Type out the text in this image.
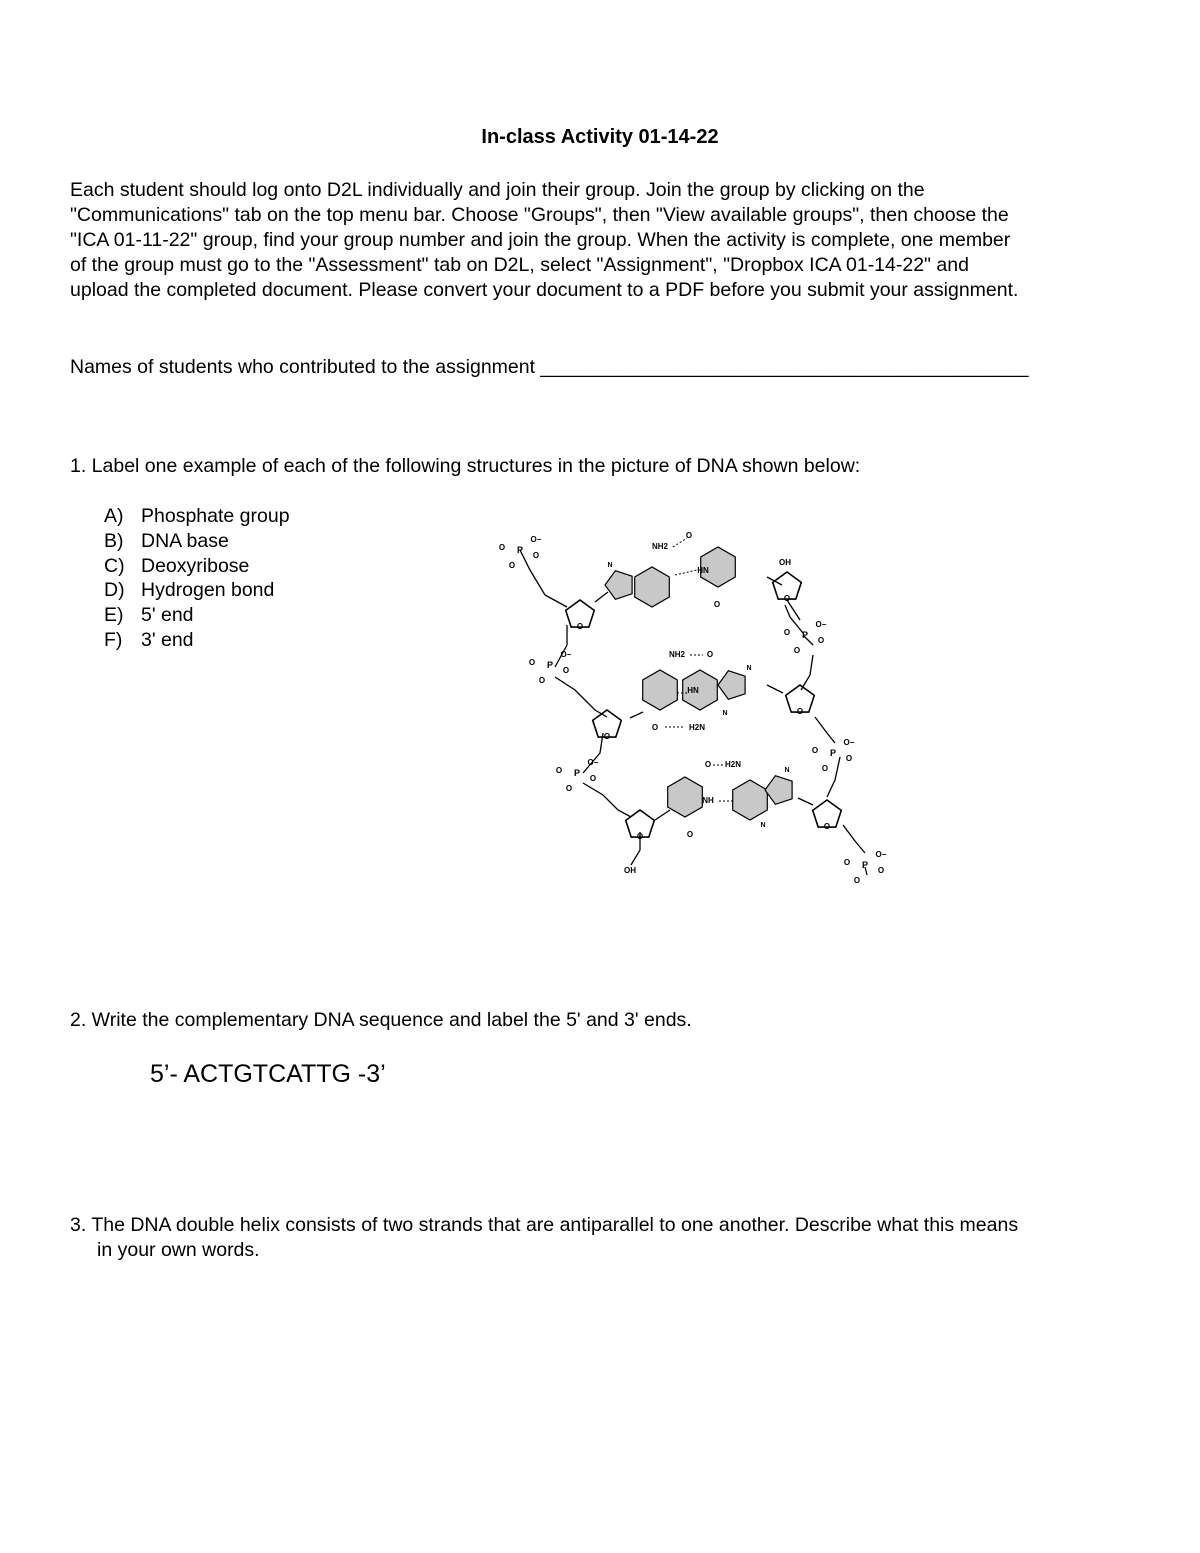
In-class Activity 01-14-22

Each student should log onto D2L individually and join their group. Join the group by clicking on the

"Communications" tab on the top menu bar. Choose "Groups", then "View available groups", then choose the

"ICA 01-11-22" group, find your group number and join the group. When the activity is complete, one member

of the group must go to the "Assessment" tab on D2L, select "Assignment", "Dropbox ICA 01-14-22" and

upload the completed document. Please convert your document to a PDF before you submit your assignment.

Names of students who contributed to the assignment _____________________________________________
1. Label one example of each of the following structures in the picture of DNA shown below:
A) Phosphate group
B) DNA base
C) Deoxyribose
D) Hydrogen bond
E) 5' end
F) 3' end
P
O−
O
O
O
P
O−
O
O
O
P
O−
O
O
O
P
O−
O
O
O
P
O−
O
O
O
P
O−
O
O
O
O
O
O
O
O
O
NH2
HN
O
O
OH
N
NH2
HN
H2N
O
O
N
N
O H2N
NH
O
OH
N
N
2. Write the complementary DNA sequence and label the 5' and 3' ends.
5’- ACTGTCATTG -3’

3. The DNA double helix consists of two strands that are antiparallel to one another. Describe what this means

in your own words.
